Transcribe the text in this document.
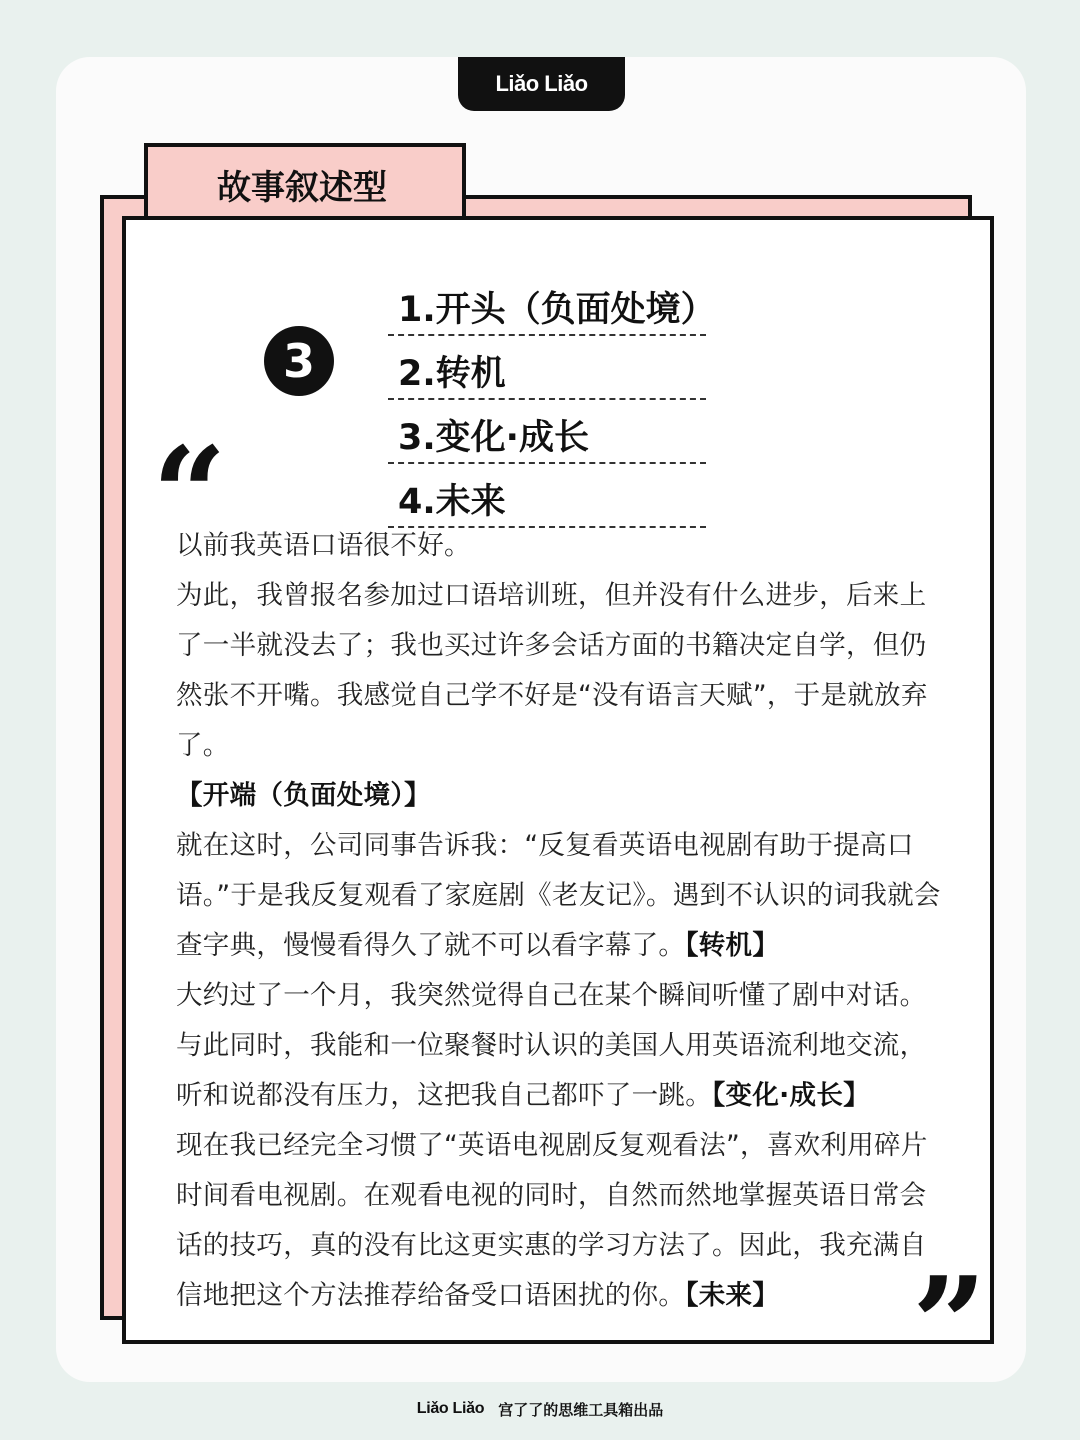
Liǎo Liǎo
故事叙述型
3
1.开头（负面处境）
2.转机
3.变化·成长
4.未来
“
”
以前我英语口语很不好。
为此，我曾报名参加过口语培训班，但并没有什么进步，后来上
了一半就没去了；我也买过许多会话方面的书籍决定自学，但仍
然张不开嘴。我感觉自己学不好是“没有语言天赋”，于是就放弃
了。
【开端（负面处境）】
就在这时，公司同事告诉我：“反复看英语电视剧有助于提高口
语。”于是我反复观看了家庭剧《老友记》。遇到不认识的词我就会
查字典，慢慢看得久了就不可以看字幕了。【转机】
大约过了一个月，我突然觉得自己在某个瞬间听懂了剧中对话。
与此同时，我能和一位聚餐时认识的美国人用英语流利地交流，
听和说都没有压力，这把我自己都吓了一跳。【变化·成长】
现在我已经完全习惯了“英语电视剧反复观看法”，喜欢利用碎片
时间看电视剧。在观看电视的同时，自然而然地掌握英语日常会
话的技巧，真的没有比这更实惠的学习方法了。因此，我充满自
信地把这个方法推荐给备受口语困扰的你。【未来】
Liǎo Liǎo 宫了了的思维工具箱出品
